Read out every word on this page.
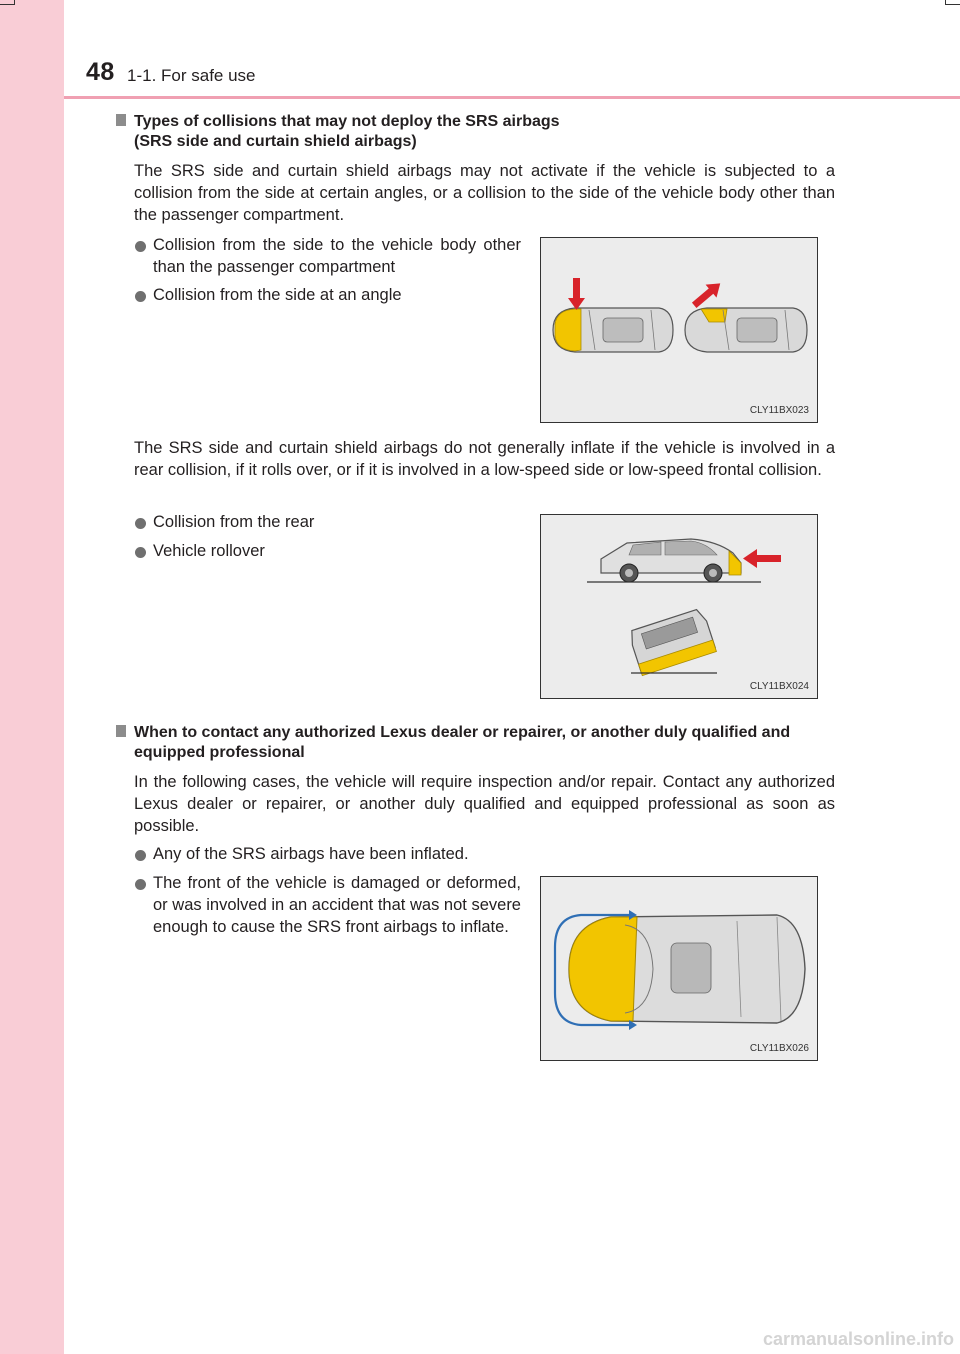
48 1-1. For safe use
Types of collisions that may not deploy the SRS airbags
(SRS side and curtain shield airbags)
The SRS side and curtain shield airbags may not activate if the vehicle is subjected to a collision from the side at certain angles, or a collision to the side of the vehicle body other than the passenger compartment.
Collision from the side to the vehicle body other than the passenger compartment
Collision from the side at an angle
CLY11BX023
The SRS side and curtain shield airbags do not generally inflate if the vehicle is involved in a rear collision, if it rolls over, or if it is involved in a low-speed side or low-speed frontal collision.
Collision from the rear
Vehicle rollover
CLY11BX024
When to contact any authorized Lexus dealer or repairer, or another duly qualified and
equipped professional
In the following cases, the vehicle will require inspection and/or repair. Contact any authorized Lexus dealer or repairer, or another duly qualified and equipped professional as soon as possible.
Any of the SRS airbags have been inflated.
The front of the vehicle is damaged or deformed, or was involved in an accident that was not severe enough to cause the SRS front airbags to inflate.
CLY11BX026
carmanualsonline.info
